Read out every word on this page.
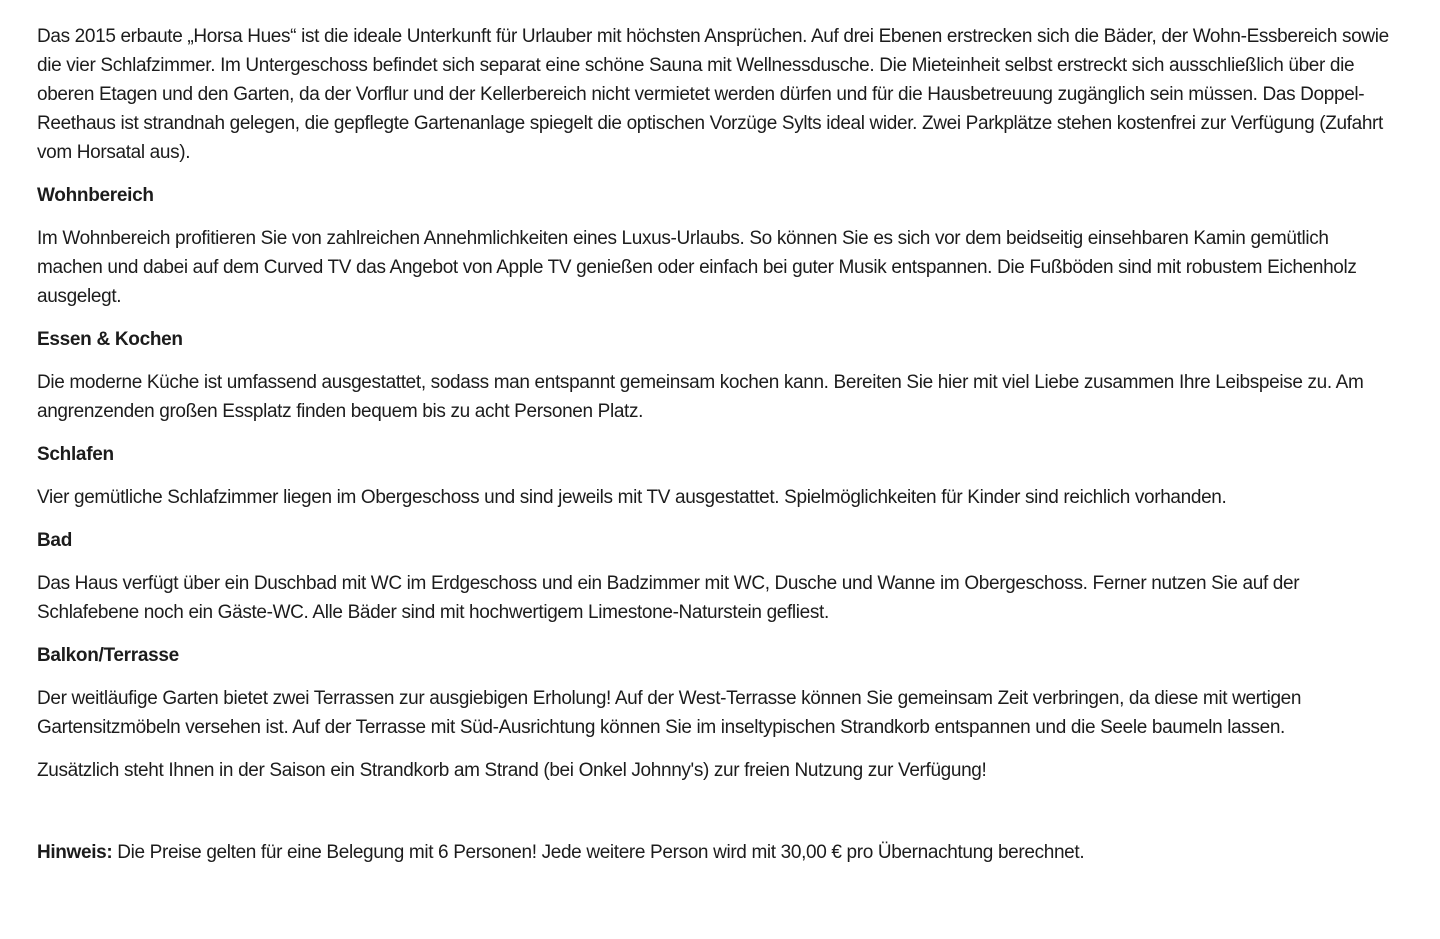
Das 2015 erbaute „Horsa Hues“ ist die ideale Unterkunft für Urlauber mit höchsten Ansprüchen. Auf drei Ebenen erstrecken sich die Bäder, der Wohn-Essbereich sowie die vier Schlafzimmer. Im Untergeschoss befindet sich separat eine schöne Sauna mit Wellnessdusche. Die Mieteinheit selbst erstreckt sich ausschließlich über die oberen Etagen und den Garten, da der Vorflur und der Kellerbereich nicht vermietet werden dürfen und für die Hausbetreuung zugänglich sein müssen. Das Doppel-Reethaus ist strandnah gelegen, die gepflegte Gartenanlage spiegelt die optischen Vorzüge Sylts ideal wider. Zwei Parkplätze stehen kostenfrei zur Verfügung (Zufahrt vom Horsatal aus).

Wohnbereich

Im Wohnbereich profitieren Sie von zahlreichen Annehmlichkeiten eines Luxus-Urlaubs. So können Sie es sich vor dem beidseitig einsehbaren Kamin gemütlich machen und dabei auf dem Curved TV das Angebot von Apple TV genießen oder einfach bei guter Musik entspannen. Die Fußböden sind mit robustem Eichenholz ausgelegt.

Essen & Kochen

Die moderne Küche ist umfassend ausgestattet, sodass man entspannt gemeinsam kochen kann. Bereiten Sie hier mit viel Liebe zusammen Ihre Leibspeise zu. Am angrenzenden großen Essplatz finden bequem bis zu acht Personen Platz.

Schlafen

Vier gemütliche Schlafzimmer liegen im Obergeschoss und sind jeweils mit TV ausgestattet. Spielmöglichkeiten für Kinder sind reichlich vorhanden.

Bad

Das Haus verfügt über ein Duschbad mit WC im Erdgeschoss und ein Badzimmer mit WC, Dusche und Wanne im Obergeschoss. Ferner nutzen Sie auf der Schlafebene noch ein Gäste-WC. Alle Bäder sind mit hochwertigem Limestone-Naturstein gefliest.

Balkon/Terrasse

Der weitläufige Garten bietet zwei Terrassen zur ausgiebigen Erholung! Auf der West-Terrasse können Sie gemeinsam Zeit verbringen, da diese mit wertigen Gartensitzmöbeln versehen ist. Auf der Terrasse mit Süd-Ausrichtung können Sie im inseltypischen Strandkorb entspannen und die Seele baumeln lassen.

Zusätzlich steht Ihnen in der Saison ein Strandkorb am Strand (bei Onkel Johnny's) zur freien Nutzung zur Verfügung!

Hinweis: Die Preise gelten für eine Belegung mit 6 Personen! Jede weitere Person wird mit 30,00 € pro Übernachtung berechnet.
